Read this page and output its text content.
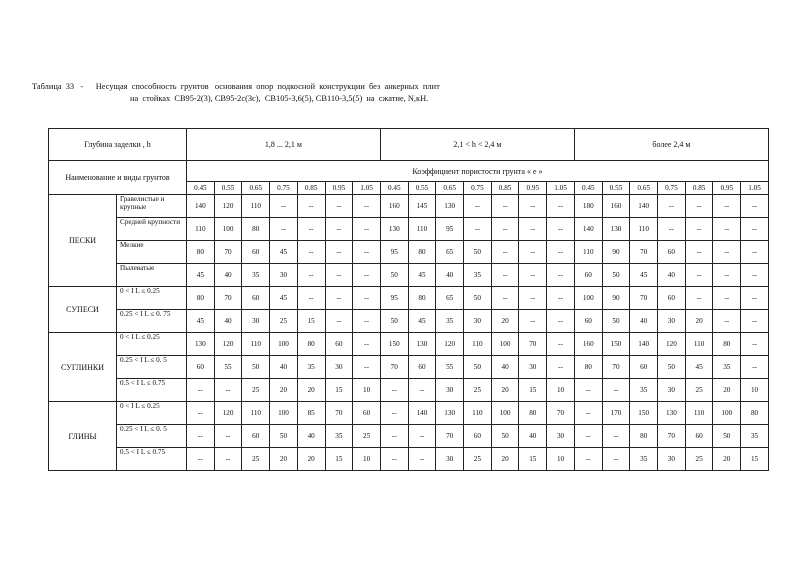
Таблица  33   -      Несущая  способность  грунтов   основания  опор  подкосной  конструкции  без  анкерных  плит
на  стойках  СВ95-2(3), СВ95-2с(3с),  СВ105-3,6(5), СВ110-3,5(5)  на  сжатие, N,кН.
Глубина заделки , h		1,8 ... 2,1 м							2,1 < h < 2,4 м							более 2,4 м						
Наименование и виды грунтов		Коэффициент пористости грунта « е »																				
		0.45	0.55	0.65	0.75	0.85	0.95	1.05	0.45	0.55	0.65	0.75	0.85	0.95	1.05	0.45	0.55	0.65	0.75	0.85	0.95	1.05
ПЕСКИ	Гравелистые и крупные	140	120	110	--	--	--	--	160	145	130	--	--	--	--	180	160	140	--	--	--	--
	Средней крупности	110	100	80	--	--	--	--	130	110	95	--	--	--	--	140	130	110	--	--	--	--
	Мелкие	80	70	60	45	--	--	--	95	80	65	50	--	--	--	110	90	70	60	--	--	--
	Пылеватые	45	40	35	30	--	--	--	50	45	40	35	--	--	--	60	50	45	40	--	--	--
СУПЕСИ	0 < I L ≤ 0.25	80	70	60	45	--	--	--	95	80	65	50	--	--	--	100	90	70	60	--	--	--
	0.25 < I L ≤ 0. 75	45	40	30	25	15	--	--	50	45	35	30	20	--	--	60	50	40	30	20	--	--
СУГЛИНКИ	0 < I L ≤ 0.25	130	120	110	100	80	60	--	150	130	120	110	100	70	--	160	150	140	120	110	80	--
	0.25 < I L ≤ 0. 5	60	55	50	40	35	30	--	70	60	55	50	40	30	--	80	70	60	50	45	35	--
	0.5 < I L ≤ 0.75	--	--	25	20	20	15	10	--	--	30	25	20	15	10	--	--	35	30	25	20	10
ГЛИНЫ	0 < I L ≤ 0.25	--	120	110	100	85	70	60	--	140	130	110	100	80	70	--	170	150	130	110	100	80
	0.25 < I L ≤ 0. 5	--	--	60	50	40	35	25	--	--	70	60	50	40	30	--	--	80	70	60	50	35
	0.5 < I L ≤ 0.75	--	--	25	20	20	15	10	--	--	30	25	20	15	10	--	--	35	30	25	20	15
